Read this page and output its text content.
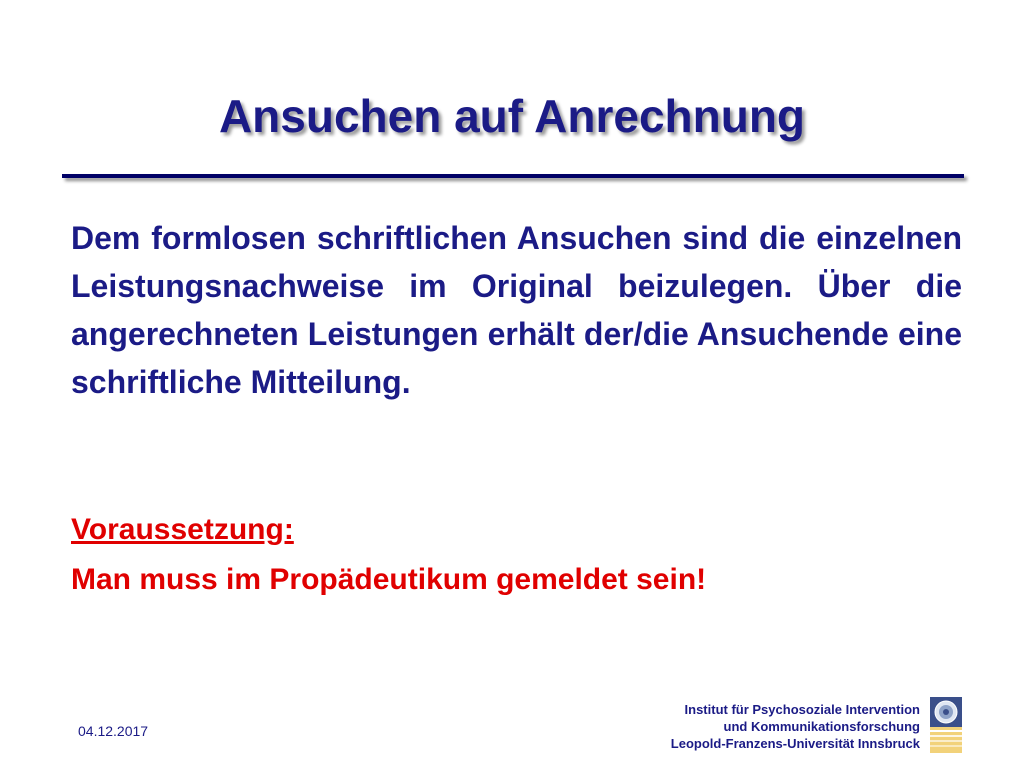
Ansuchen auf Anrechnung

Dem formlosen schriftlichen Ansuchen sind die einzelnen Leistungsnachweise im Original beizulegen. Über die angerechneten Leistungen erhält der/die Ansuchende eine schriftliche Mitteilung.

Voraussetzung:

Man muss im Propädeutikum gemeldet sein!

04.12.2017
Institut für Psychosoziale Intervention
und Kommunikationsforschung
Leopold-Franzens-Universität Innsbruck
